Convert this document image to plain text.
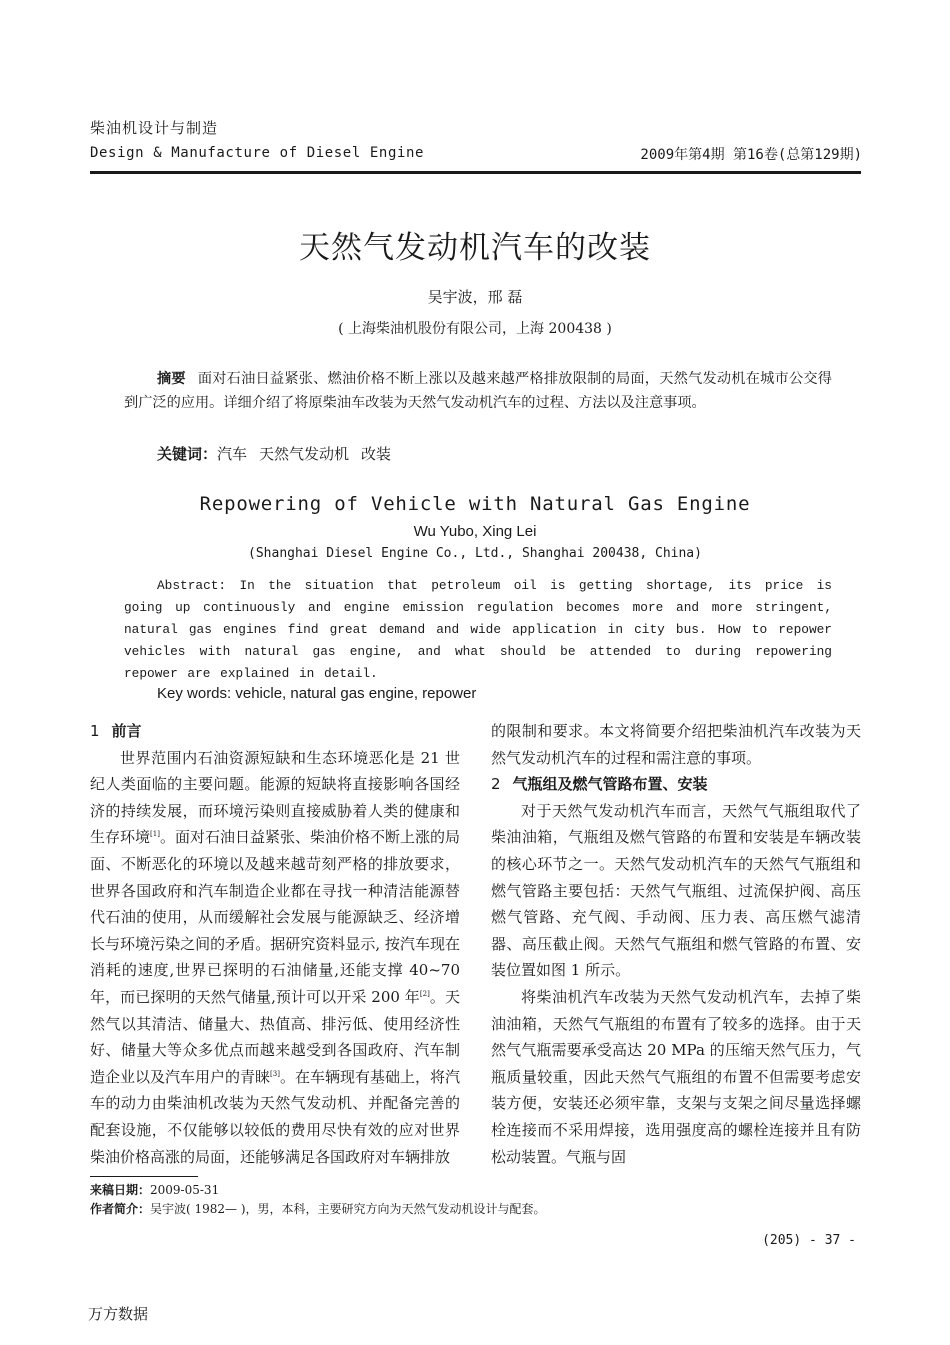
柴油机设计与制造
Design & Manufacture of Diesel Engine	2009年第4期 第16卷(总第129期)
天然气发动机汽车的改装
吴宇波，邢 磊
( 上海柴油机股份有限公司，上海 200438 )
摘要 面对石油日益紧张、燃油价格不断上涨以及越来越严格排放限制的局面，天然气发动机在城市公交得到广泛的应用。详细介绍了将原柴油车改装为天然气发动机汽车的过程、方法以及注意事项。
关键词：汽车 天然气发动机 改装
Repowering of Vehicle with Natural Gas Engine
Wu Yubo, Xing Lei
(Shanghai Diesel Engine Co., Ltd., Shanghai 200438, China)
Abstract: In the situation that petroleum oil is getting shortage, its price is going up continuously and engine emission regulation becomes more and more stringent, natural gas engines find great demand and wide application in city bus. How to repower vehicles with natural gas engine, and what should be attended to during repowering repower are explained in detail.
Key words: vehicle, natural gas engine, repower
1 前言

世界范围内石油资源短缺和生态环境恶化是 21 世纪人类面临的主要问题。能源的短缺将直接影响各国经济的持续发展，而环境污染则直接威胁着人类的健康和生存环境[1]。面对石油日益紧张、柴油价格不断上涨的局面、不断恶化的环境以及越来越苛刻严格的排放要求，世界各国政府和汽车制造企业都在寻找一种清洁能源替代石油的使用，从而缓解社会发展与能源缺乏、经济增长与环境污染之间的矛盾。据研究资料显示, 按汽车现在消耗的速度,世界已探明的石油储量,还能支撑 40~70 年，而已探明的天然气储量,预计可以开采 200 年[2]。天然气以其清洁、储量大、热值高、排污低、使用经济性好、储量大等众多优点而越来越受到各国政府、汽车制造企业以及汽车用户的青睐[3]。在车辆现有基础上，将汽车的动力由柴油机改装为天然气发动机、并配备完善的配套设施，不仅能够以较低的费用尽快有效的应对世界柴油价格高涨的局面，还能够满足各国政府对车辆排放

的限制和要求。本文将简要介绍把柴油机汽车改装为天然气发动机汽车的过程和需注意的事项。

2 气瓶组及燃气管路布置、安装

对于天然气发动机汽车而言，天然气气瓶组取代了柴油油箱，气瓶组及燃气管路的布置和安装是车辆改装的核心环节之一。天然气发动机汽车的天然气气瓶组和燃气管路主要包括：天然气气瓶组、过流保护阀、高压燃气管路、充气阀、手动阀、压力表、高压燃气滤清器、高压截止阀。天然气气瓶组和燃气管路的布置、安装位置如图 1 所示。

将柴油机汽车改装为天然气发动机汽车，去掉了柴油油箱，天然气气瓶组的布置有了较多的选择。由于天然气气瓶需要承受高达 20 MPa 的压缩天然气压力，气瓶质量较重，因此天然气气瓶组的布置不但需要考虑安装方便，安装还必须牢靠，支架与支架之间尽量选择螺栓连接而不采用焊接，选用强度高的螺栓连接并且有防松动装置。气瓶与固

来稿日期：2009-05-31
作者简介：吴宇波( 1982— )，男，本科，主要研究方向为天然气发动机设计与配套。
(205) - 37 -
万方数据
